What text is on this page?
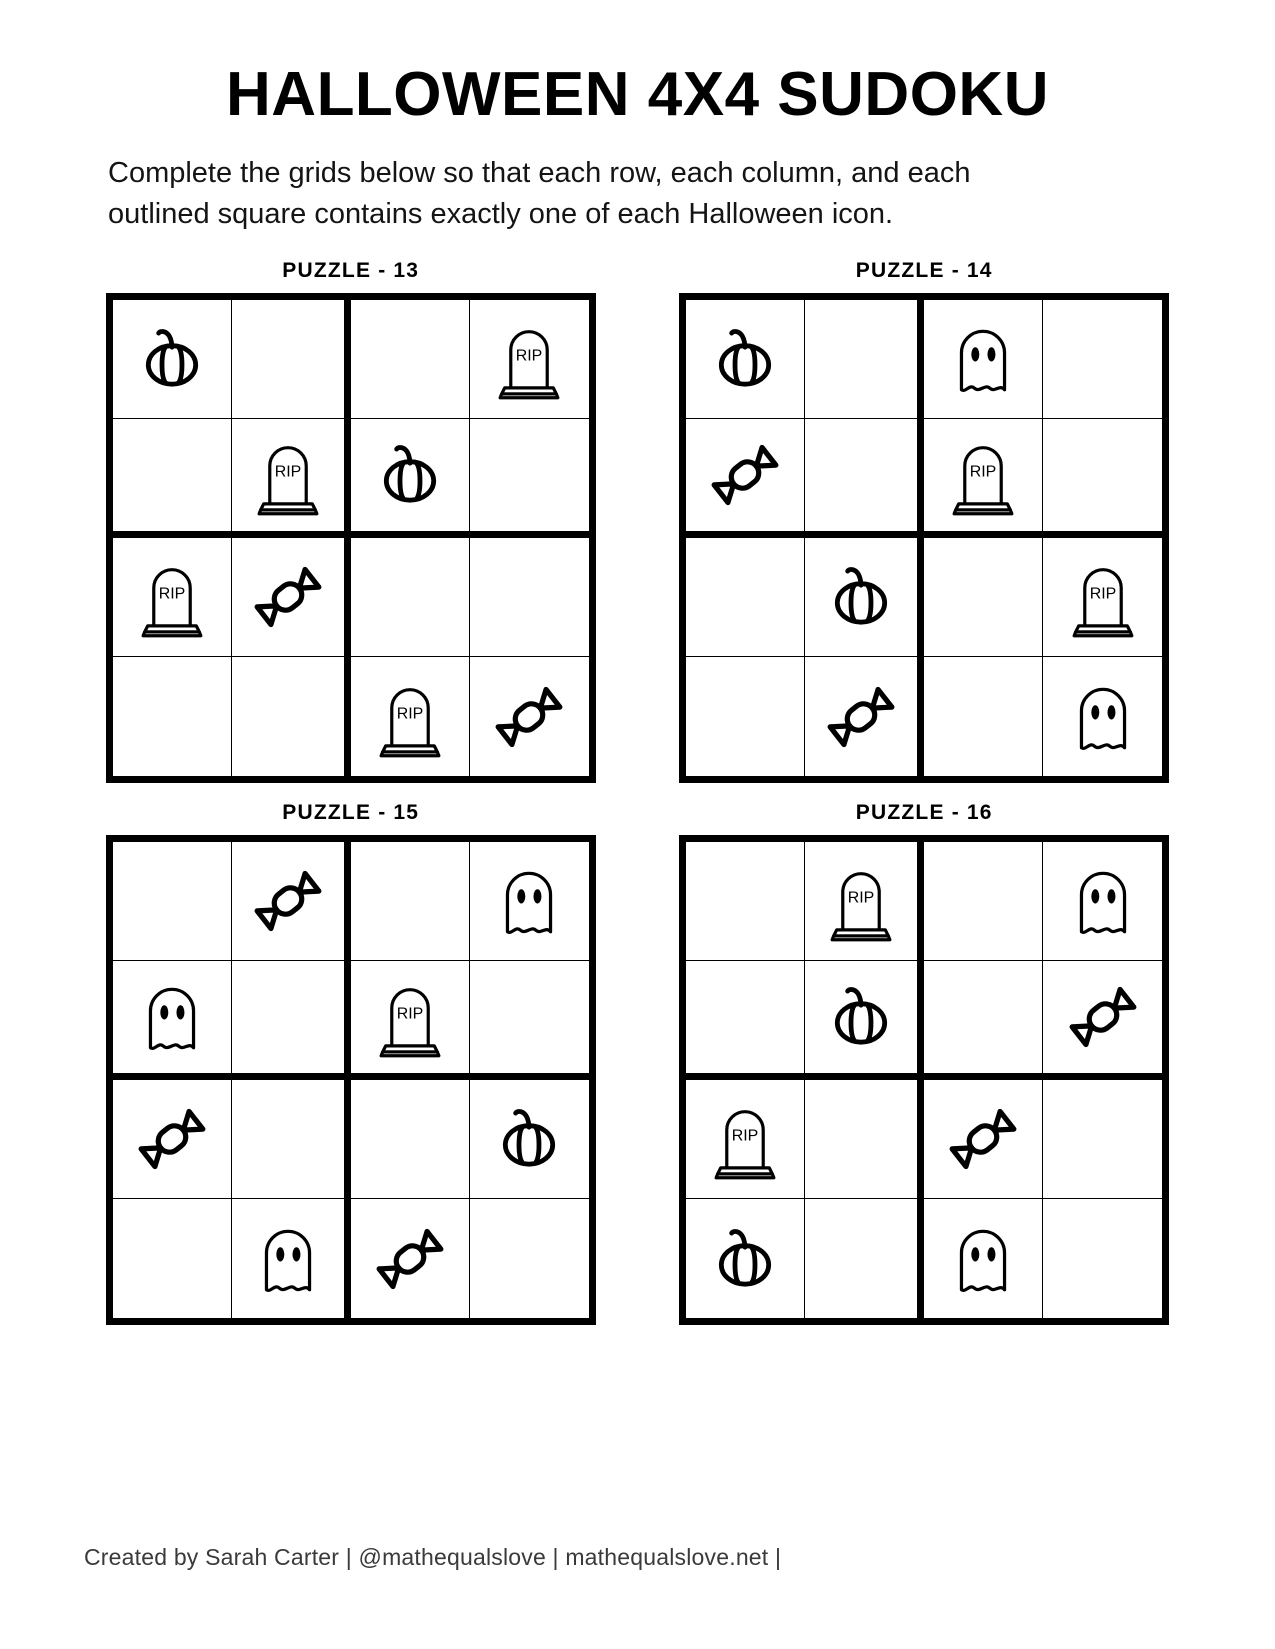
HALLOWEEN 4X4 SUDOKU

Complete the grids below so that each row, each column, and each outlined square contains exactly one of each Halloween icon.

PUZZLE - 13
RIP
RIP
RIP
RIP
PUZZLE - 14
RIP
RIP
PUZZLE - 15
RIP
PUZZLE - 16
RIP
RIP
Created by Sarah Carter | @mathequalslove | mathequalslove.net |
